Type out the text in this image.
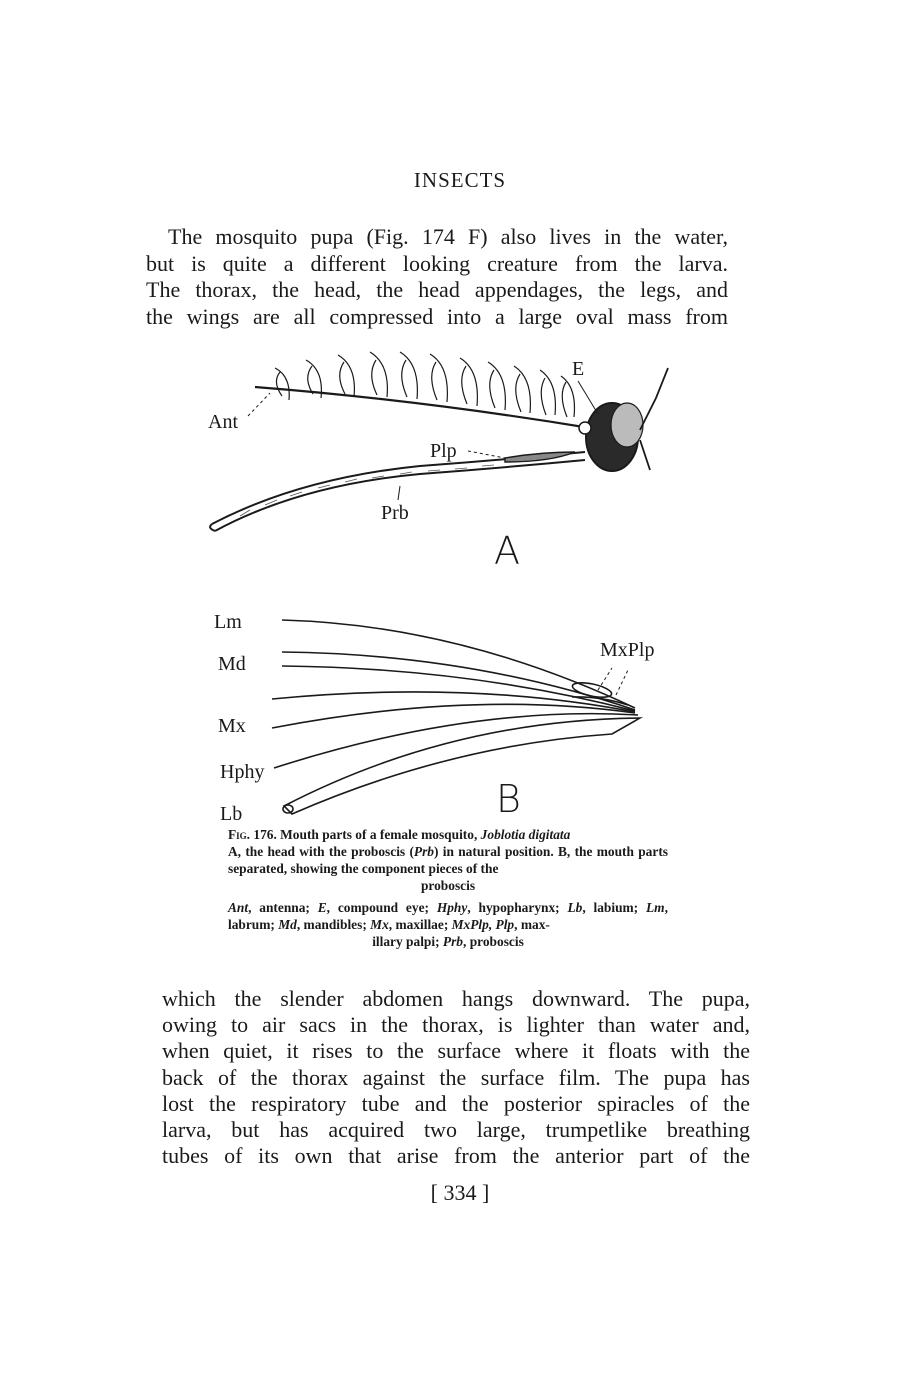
INSECTS
The mosquito pupa (Fig. 174 F) also lives in the water,
but is quite a different looking creature from the larva.
The thorax, the head, the head appendages, the legs, and
the wings are all compressed into a large oval mass from
Ant
E
Plp
Prb
A
Lm
Md
Mx
Hphy
Lb
MxPlp
B

Fig. 176. Mouth parts of a female mosquito, Joblotia digitata

A, the head with the proboscis (Prb) in natural position. B, the mouth parts separated, showing the component pieces of the

proboscis

Ant, antenna; E, compound eye; Hphy, hypopharynx; Lb, labium; Lm, labrum; Md, mandibles; Mx, maxillae; MxPlp, Plp, max-

illary palpi; Prb, proboscis

which the slender abdomen hangs downward. The pupa,
owing to air sacs in the thorax, is lighter than water and,
when quiet, it rises to the surface where it floats with the
back of the thorax against the surface film. The pupa has
lost the respiratory tube and the posterior spiracles of the
larva, but has acquired two large, trumpetlike breathing
tubes of its own that arise from the anterior part of the
[ 334 ]
